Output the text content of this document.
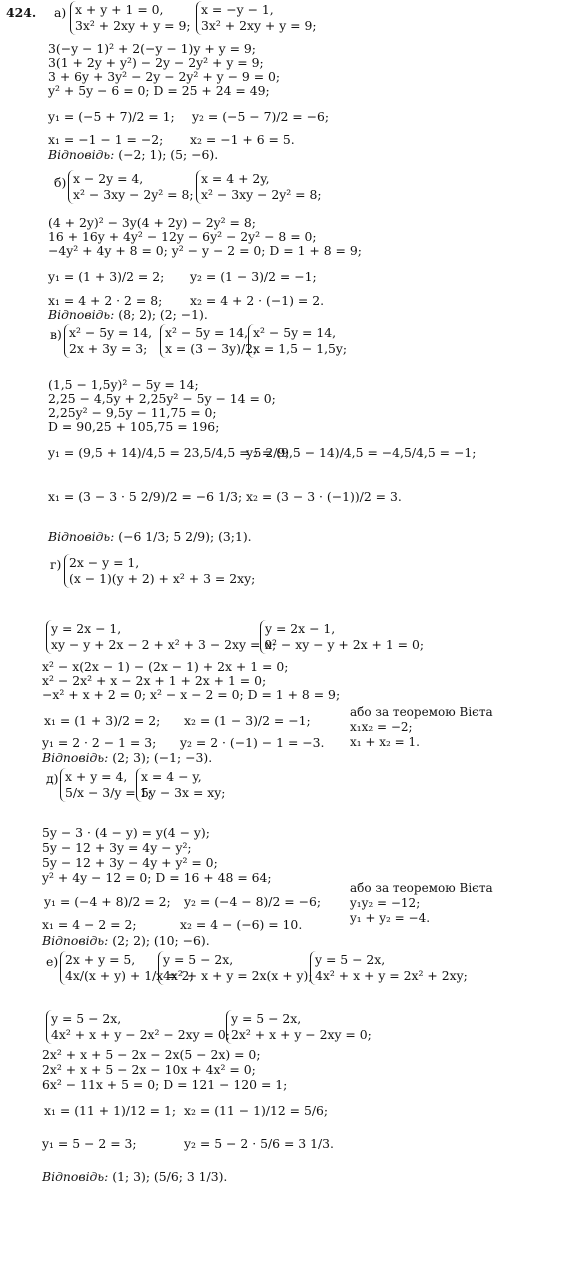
424. а) x + y + 1 = 0,
3x² + 2xy + y = 9;
x = −y − 1,
3x² + 2xy + y = 9;
3(−y − 1)² + 2(−y − 1)y + y = 9;
3(1 + 2y + y²) − 2y − 2y² + y = 9;
3 + 6y + 3y² − 2y − 2y² + y − 9 = 0;
y² + 5y − 6 = 0; D = 25 + 24 = 49;
y₁ = (−5 + 7)/2 = 1; y₂ = (−5 − 7)/2 = −6;
x₁ = −1 − 1 = −2; x₂ = −1 + 6 = 5.
Відповідь: (−2; 1); (5; −6).
б) x − 2y = 4,
x² − 3xy − 2y² = 8;
x = 4 + 2y,
x² − 3xy − 2y² = 8;
(4 + 2y)² − 3y(4 + 2y) − 2y² = 8;
16 + 16y + 4y² − 12y − 6y² − 2y² − 8 = 0;
−4y² + 4y + 8 = 0; y² − y − 2 = 0; D = 1 + 8 = 9;
y₁ = (1 + 3)/2 = 2; y₂ = (1 − 3)/2 = −1;
x₁ = 4 + 2 · 2 = 8; x₂ = 4 + 2 · (−1) = 2.
Відповідь: (8; 2); (2; −1).
в) x² − 5y = 14,
2x + 3y = 3;
x² − 5y = 14,
x = (3 − 3y)/2;
x² − 5y = 14,
x = 1,5 − 1,5y;
(1,5 − 1,5y)² − 5y = 14;
2,25 − 4,5y + 2,25y² − 5y − 14 = 0;
2,25y² − 9,5y − 11,75 = 0;
D = 90,25 + 105,75 = 196;
y₁ = (9,5 + 14)/4,5 = 23,5/4,5 = 5 2/9;
y₂ = (9,5 − 14)/4,5 = −4,5/4,5 = −1;
x₁ = (3 − 3 · 5 2/9)/2 = −6 1/3; x₂ = (3 − 3 · (−1))/2 = 3.
Відповідь: (−6 1/3; 5 2/9); (3;1).
г) 2x − y = 1,
(x − 1)(y + 2) + x² + 3 = 2xy;
y = 2x − 1,
xy − y + 2x − 2 + x² + 3 − 2xy = 0;
y = 2x − 1,
x² − xy − y + 2x + 1 = 0;
x² − x(2x − 1) − (2x − 1) + 2x + 1 = 0;
x² − 2x² + x − 2x + 1 + 2x + 1 = 0;
−x² + x + 2 = 0; x² − x − 2 = 0; D = 1 + 8 = 9;
x₁ = (1 + 3)/2 = 2; x₂ = (1 − 3)/2 = −1;
y₁ = 2 · 2 − 1 = 3; y₂ = 2 · (−1) − 1 = −3.
або за теоремою Вієта
x₁x₂ = −2;
x₁ + x₂ = 1.
Відповідь: (2; 3); (−1; −3).
д) x + y = 4,
5/x − 3/y = 1;
x = 4 − y,
5y − 3x = xy;
5y − 3 · (4 − y) = y(4 − y);
5y − 12 + 3y = 4y − y²;
5y − 12 + 3y − 4y + y² = 0;
y² + 4y − 12 = 0; D = 16 + 48 = 64;
y₁ = (−4 + 8)/2 = 2; y₂ = (−4 − 8)/2 = −6;
x₁ = 4 − 2 = 2;	x₂ = 4 − (−6) = 10.
або за теоремою Вієта
y₁y₂ = −12;
y₁ + y₂ = −4.
Відповідь: (2; 2); (10; −6).
е) 2x + y = 5,
4x/(x + y) + 1/x = 2;
y = 5 − 2x,
4x² + x + y = 2x(x + y);
y = 5 − 2x,
4x² + x + y = 2x² + 2xy;
y = 5 − 2x,
4x² + x + y − 2x² − 2xy = 0;
y = 5 − 2x,
2x² + x + y − 2xy = 0;
2x² + x + 5 − 2x − 2x(5 − 2x) = 0;
2x² + x + 5 − 2x − 10x + 4x² = 0;
6x² − 11x + 5 = 0; D = 121 − 120 = 1;
x₁ = (11 + 1)/12 = 1; x₂ = (11 − 1)/12 = 5/6;
y₁ = 5 − 2 = 3;	y₂ = 5 − 2 · 5/6 = 3 1/3.
Відповідь: (1; 3); (5/6; 3 1/3).
